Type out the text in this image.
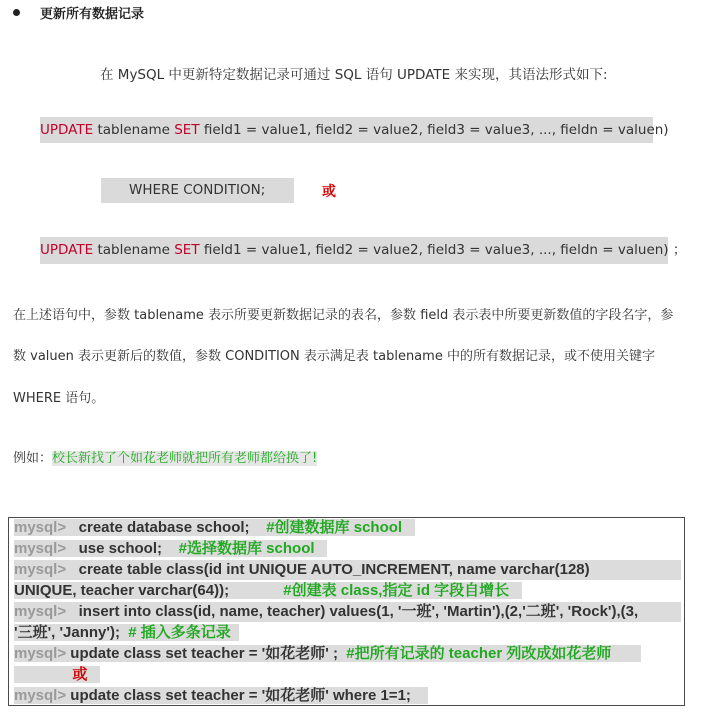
更新所有数据记录
在 MySQL 中更新特定数据记录可通过 SQL 语句 UPDATE 来实现，其语法形式如下:
UPDATE tablename SET field1 = value1, field2 = value2, field3 = value3, ..., fieldn = valuen)
WHERE CONDITION;	或
UPDATE tablename SET field1 = value1, field2 = value2, field3 = value3, ..., fieldn = valuen) ；
在上述语句中，参数 tablename 表示所要更新数据记录的表名，参数 field 表示表中所要更新数值的字段名字，参
数 valuen 表示更新后的数值，参数 CONDITION 表示满足表 tablename 中的所有数据记录，或不使用关键字
WHERE 语句。
例如：校长新找了个如花老师就把所有老师都给换了!
mysql> create database school; #创建数据库 school
mysql> use school; #选择数据库 school
mysql> create table class(id int UNIQUE AUTO_INCREMENT, name varchar(128)
UNIQUE, teacher varchar(64));	#创建表 class,指定 id 字段自增长
mysql> insert into class(id, name, teacher) values(1, '一班', 'Martin'),(2,'二班', 'Rock'),(3,
'三班', 'Janny'); # 插入多条记录
mysql> update class set teacher = '如花老师' ; #把所有记录的 teacher 列改成如花老师
或
mysql> update class set teacher = '如花老师' where 1=1;
